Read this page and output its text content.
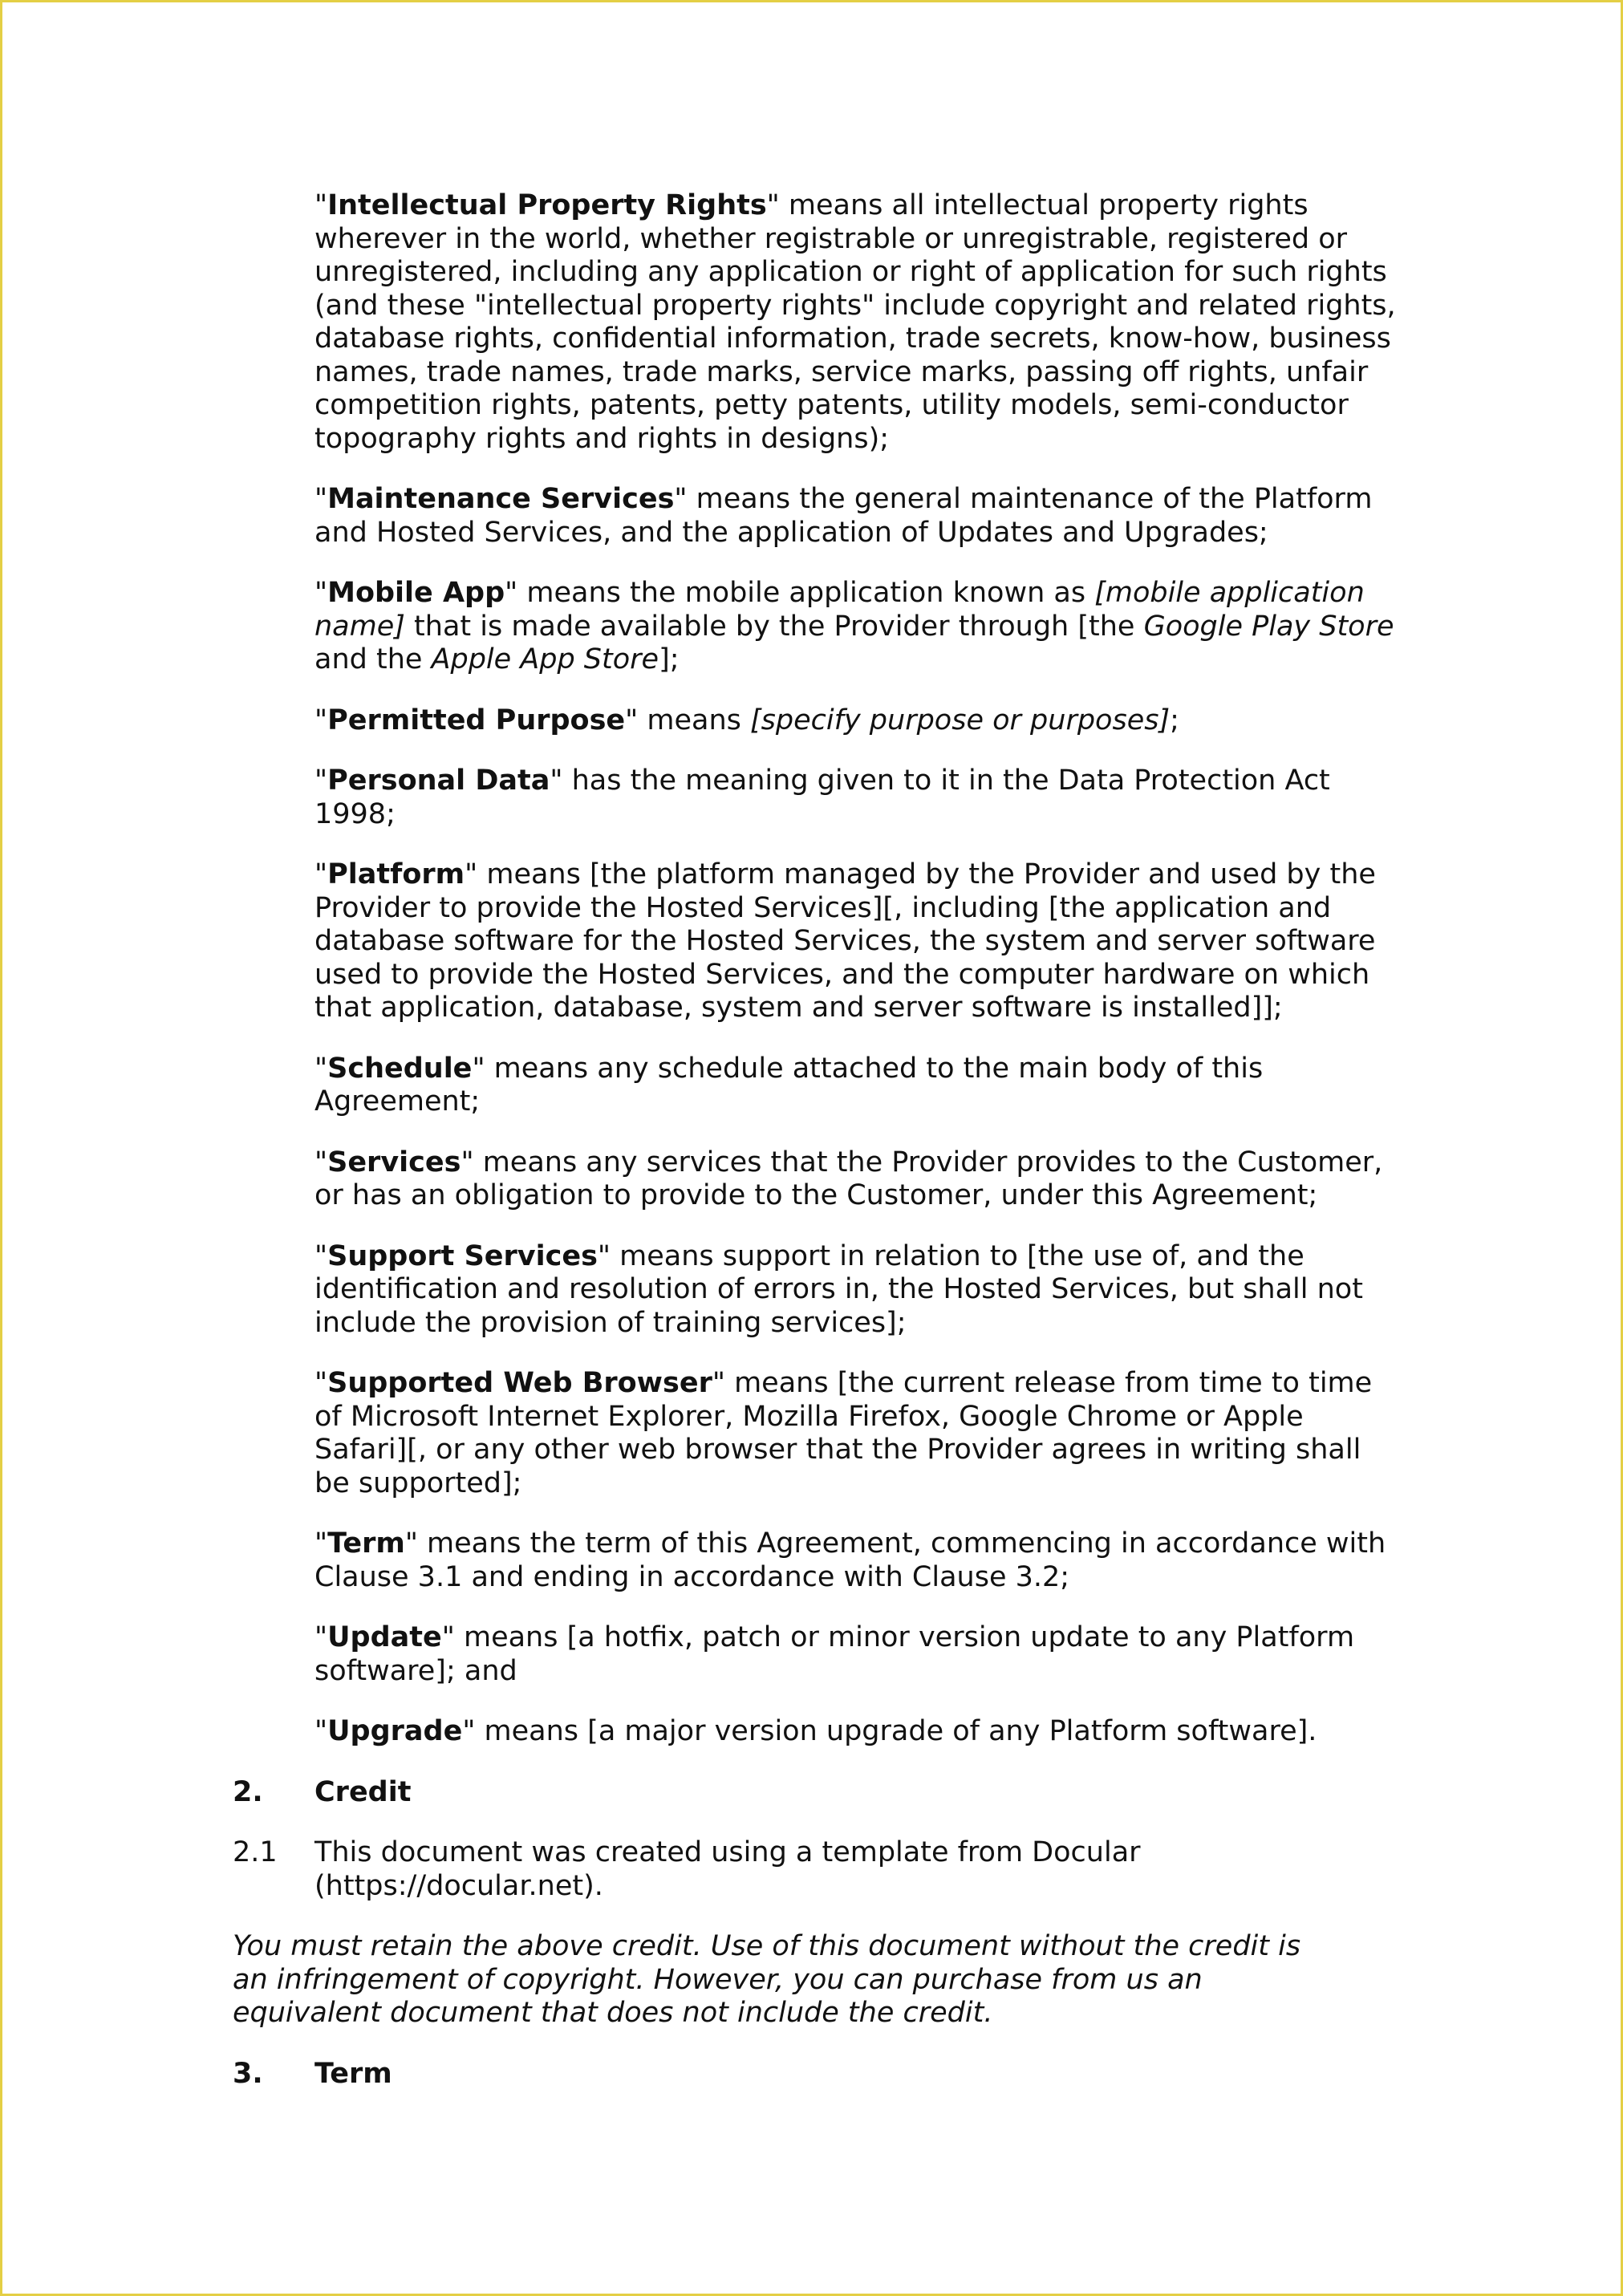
"Intellectual Property Rights" means all intellectual property rights wherever in the world, whether registrable or unregistrable, registered or unregistered, including any application or right of application for such rights (and these "intellectual property rights" include copyright and related rights, database rights, confidential information, trade secrets, know-how, business names, trade names, trade marks, service marks, passing off rights, unfair competition rights, patents, petty patents, utility models, semi-conductor topography rights and rights in designs);

"Maintenance Services" means the general maintenance of the Platform and Hosted Services, and the application of Updates and Upgrades;

"Mobile App" means the mobile application known as [mobile application name] that is made available by the Provider through [the Google Play Store and the Apple App Store];

"Permitted Purpose" means [specify purpose or purposes];

"Personal Data" has the meaning given to it in the Data Protection Act 1998;

"Platform" means [the platform managed by the Provider and used by the Provider to provide the Hosted Services][, including [the application and database software for the Hosted Services, the system and server software used to provide the Hosted Services, and the computer hardware on which that application, database, system and server software is installed]];

"Schedule" means any schedule attached to the main body of this Agreement;

"Services" means any services that the Provider provides to the Customer, or has an obligation to provide to the Customer, under this Agreement;

"Support Services" means support in relation to [the use of, and the identification and resolution of errors in, the Hosted Services, but shall not include the provision of training services];

"Supported Web Browser" means [the current release from time to time of Microsoft Internet Explorer, Mozilla Firefox, Google Chrome or Apple Safari][, or any other web browser that the Provider agrees in writing shall be supported];

"Term" means the term of this Agreement, commencing in accordance with Clause 3.1 and ending in accordance with Clause 3.2;

"Update" means [a hotfix, patch or minor version update to any Platform software]; and

"Upgrade" means [a major version upgrade of any Platform software].

2.	Credit
2.1	This document was created using a template from Docular (https://docular.net).

You must retain the above credit. Use of this document without the credit is an infringement of copyright. However, you can purchase from us an equivalent document that does not include the credit.

3.	Term
